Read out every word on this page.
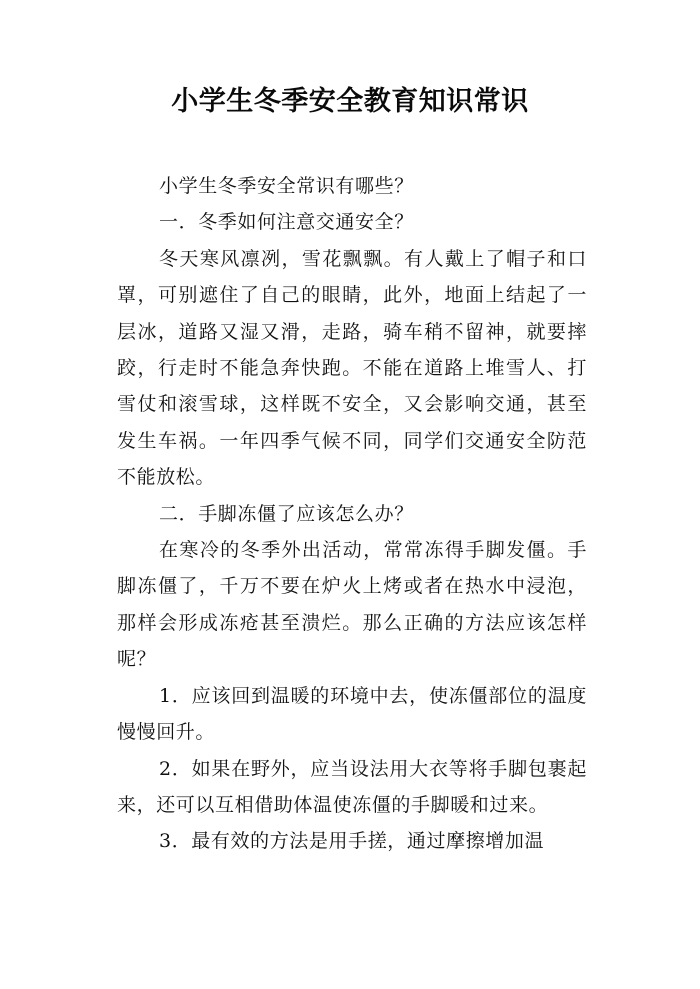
小学生冬季安全教育知识常识

小学生冬季安全常识有哪些？

一．冬季如何注意交通安全？

冬天寒风凛冽，雪花飘飘。有人戴上了帽子和口罩，可别遮住了自己的眼睛，此外，地面上结起了一层冰，道路又湿又滑，走路，骑车稍不留神，就要摔跤，行走时不能急奔快跑。不能在道路上堆雪人、打雪仗和滚雪球，这样既不安全，又会影响交通，甚至发生车祸。一年四季气候不同，同学们交通安全防范不能放松。

二．手脚冻僵了应该怎么办？

在寒冷的冬季外出活动，常常冻得手脚发僵。手脚冻僵了，千万不要在炉火上烤或者在热水中浸泡，那样会形成冻疮甚至溃烂。那么正确的方法应该怎样呢？

1．应该回到温暖的环境中去，使冻僵部位的温度慢慢回升。

2．如果在野外，应当设法用大衣等将手脚包裹起来，还可以互相借助体温使冻僵的手脚暖和过来。

3．最有效的方法是用手搓，通过摩擦增加温
